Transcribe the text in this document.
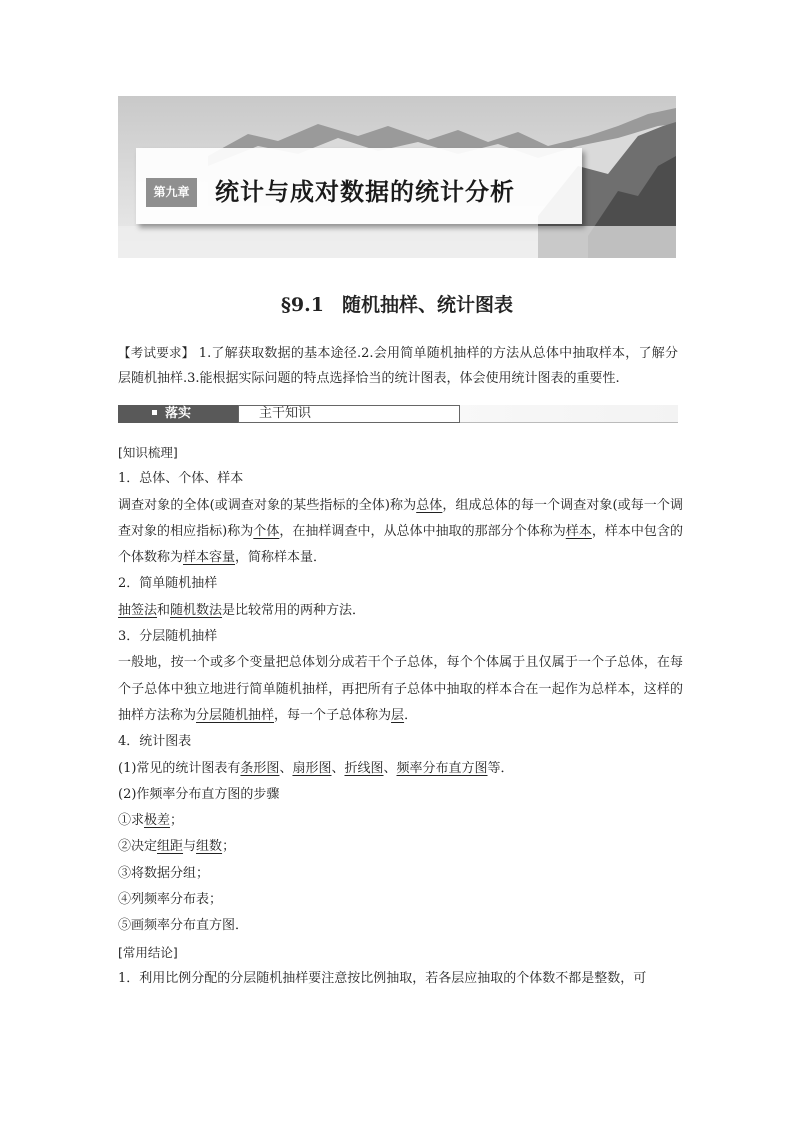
第九章	统计与成对数据的统计分析
§9.1 随机抽样、统计图表
【考试要求】 1.了解获取数据的基本途径.2.会用简单随机抽样的方法从总体中抽取样本，了解分层随机抽样.3.能根据实际问题的特点选择恰当的统计图表，体会使用统计图表的重要性.
落实	主干知识

[知识梳理]

1．总体、个体、样本

调查对象的全体(或调查对象的某些指标的全体)称为总体，组成总体的每一个调查对象(或每一个调查对象的相应指标)称为个体，在抽样调查中，从总体中抽取的那部分个体称为样本，样本中包含的个体数称为样本容量，简称样本量．

2．简单随机抽样

抽签法和随机数法是比较常用的两种方法．

3．分层随机抽样

一般地，按一个或多个变量把总体划分成若干个子总体，每个个体属于且仅属于一个子总体，在每个子总体中独立地进行简单随机抽样，再把所有子总体中抽取的样本合在一起作为总样本，这样的抽样方法称为分层随机抽样，每一个子总体称为层．

4．统计图表

(1)常见的统计图表有条形图、扇形图、折线图、频率分布直方图等．

(2)作频率分布直方图的步骤

①求极差；

②决定组距与组数；

③将数据分组；

④列频率分布表；

⑤画频率分布直方图．

[常用结论]

1．利用比例分配的分层随机抽样要注意按比例抽取，若各层应抽取的个体数不都是整数，可
